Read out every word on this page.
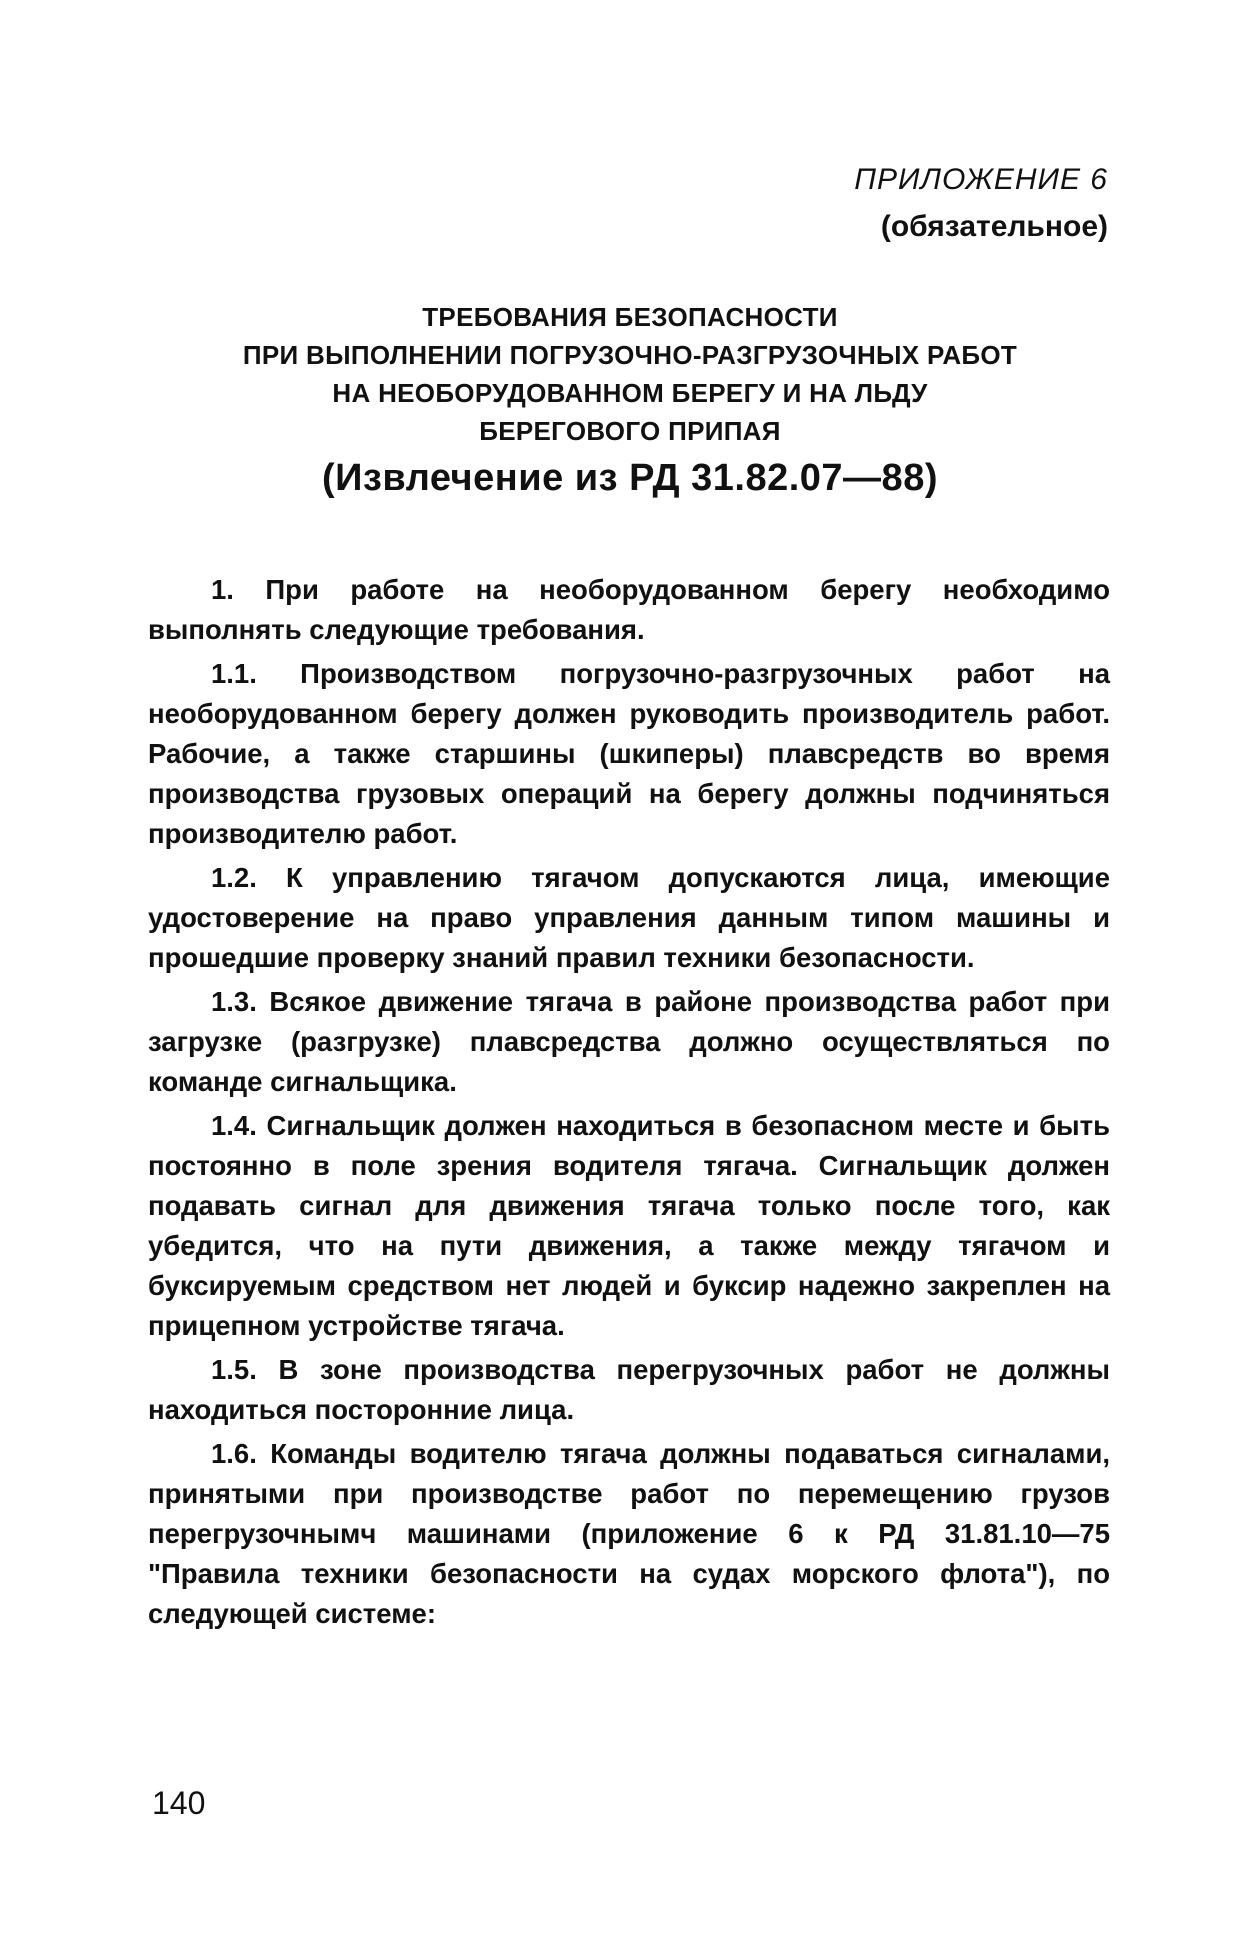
ПРИЛОЖЕНИЕ 6
(обязательное)
ТРЕБОВАНИЯ БЕЗОПАСНОСТИ
ПРИ ВЫПОЛНЕНИИ ПОГРУЗОЧНО-РАЗГРУЗОЧНЫХ РАБОТ
НА НЕОБОРУДОВАННОМ БЕРЕГУ И НА ЛЬДУ
БЕРЕГОВОГО ПРИПАЯ
(Извлечение из РД 31.82.07—88)

1. При работе на необорудованном берегу необходимо выполнять следующие требования.

1.1. Производством погрузочно-разгрузочных работ на необорудованном берегу должен руководить производитель работ. Рабочие, а также старшины (шкиперы) плавсредств во время производства грузовых операций на берегу должны подчиняться производителю работ.

1.2. К управлению тягачом допускаются лица, имеющие удостоверение на право управления данным типом машины и прошедшие проверку знаний правил техники безопасности.

1.3. Всякое движение тягача в районе производства работ при загрузке (разгрузке) плавсредства должно осуществляться по команде сигнальщика.

1.4. Сигнальщик должен находиться в безопасном месте и быть постоянно в поле зрения водителя тягача. Сигнальщик должен подавать сигнал для движения тягача только после того, как убедится, что на пути движения, а также между тягачом и буксируемым средством нет людей и буксир надежно закреплен на прицепном устройстве тягача.

1.5. В зоне производства перегрузочных работ не должны находиться посторонние лица.

1.6. Команды водителю тягача должны подаваться сигналами, принятыми при производстве работ по перемещению грузов перегрузочнымч машинами (приложение 6 к РД 31.81.10—75 "Правила техники безопасности на судах морского флота"), по следующей системе:

140
